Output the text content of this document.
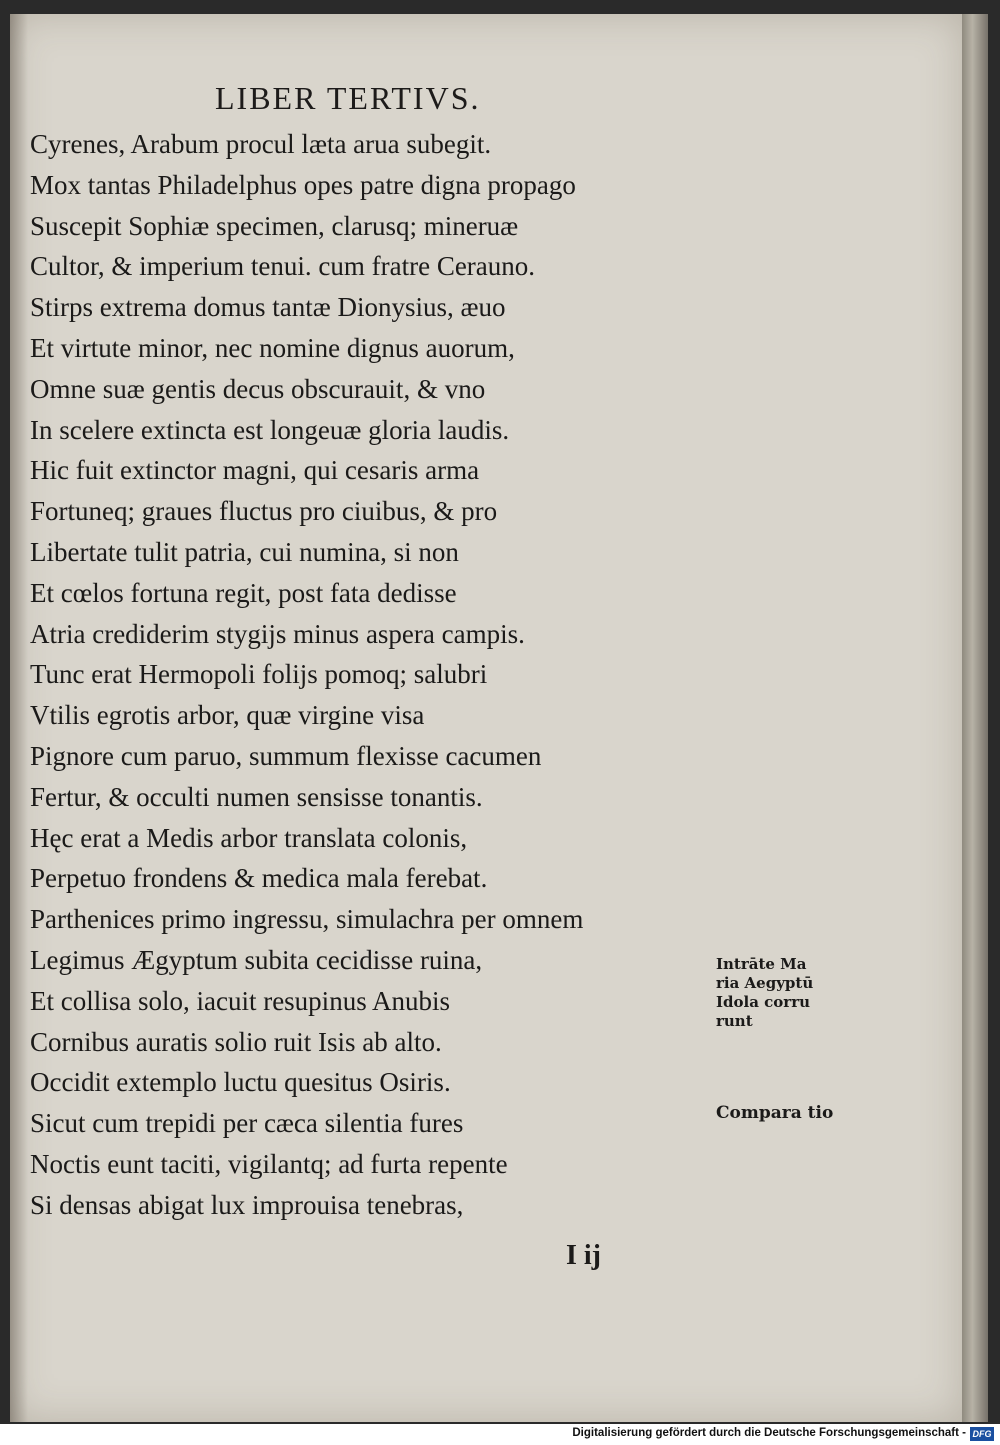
LIBER TERTIVS.
Cyrenes, Arabum procul læta arua subegit.
Mox tantas Philadelphus opes patre digna propago
Suscepit Sophiæ specimen, clarusq; mineruæ
Cultor, & imperium tenui. cum fratre Cerauno.
Stirps extrema domus tantæ Dionysius, æuo
Et virtute minor, nec nomine dignus auorum,
Omne suæ gentis decus obscurauit, & vno
In scelere extincta est longeuæ gloria laudis.
Hic fuit extinctor magni, qui cesaris arma
Fortuneq; graues fluctus pro ciuibus, & pro
Libertate tulit patria, cui numina, si non
Et cœlos fortuna regit, post fata dedisse
Atria crediderim stygijs minus aspera campis.
Tunc erat Hermopoli folijs pomoq; salubri
Vtilis egrotis arbor, quæ virgine visa
Pignore cum paruo, summum flexisse cacumen
Fertur, & occulti numen sensisse tonantis.
Hęc erat a Medis arbor translata colonis,
Perpetuo frondens & medica mala ferebat.
Parthenices primo ingressu, simulachra per omnem
Legimus Ægyptum subita cecidisse ruina,
Et collisa solo, iacuit resupinus Anubis
Cornibus auratis solio ruit Isis ab alto.
Occidit extemplo luctu quesitus Osiris.
Sicut cum trepidi per cæca silentia fures
Noctis eunt taciti, vigilantq; ad furta repente
Si densas abigat lux improuisa tenebras,
Intrāte Ma
ria Aegyptū
Idola corru
runt
Compara tio
I ij
Digitalisierung gefördert durch die Deutsche Forschungsgemeinschaft - DFG
